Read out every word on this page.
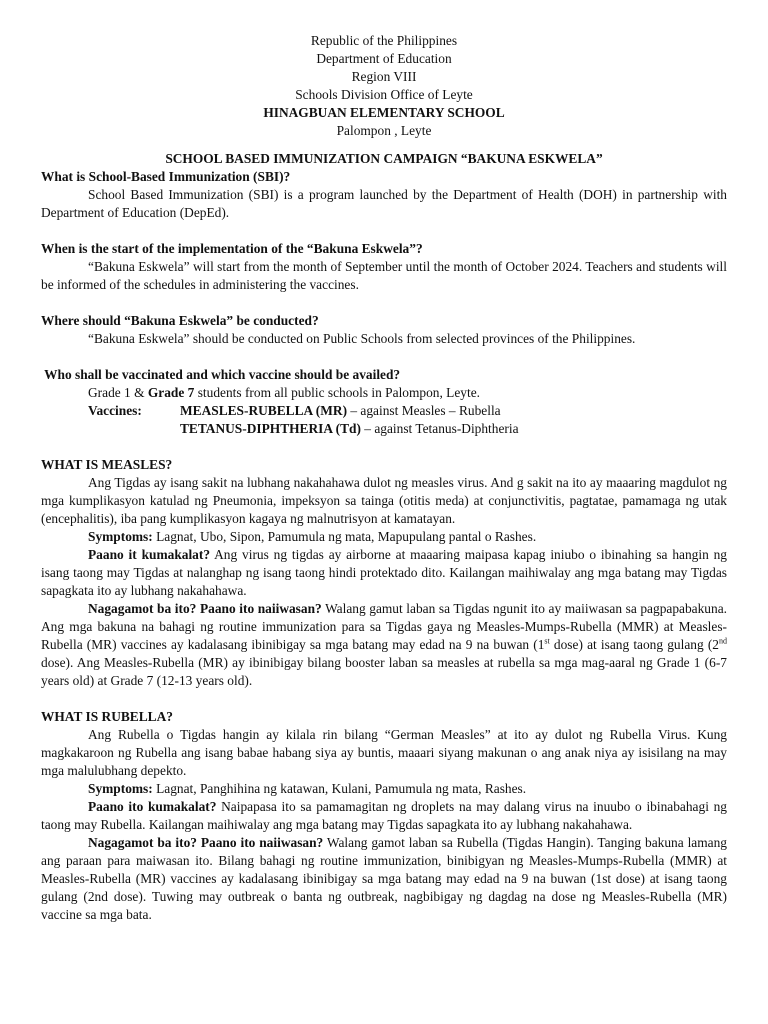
Republic of the Philippines
Department of Education
Region VIII
Schools Division Office of Leyte
HINAGBUAN ELEMENTARY SCHOOL
Palompon , Leyte
SCHOOL BASED IMMUNIZATION CAMPAIGN “BAKUNA ESKWELA”
What is School-Based Immunization (SBI)?
School Based Immunization (SBI) is a program launched by the Department of Health (DOH) in partnership with Department of Education (DepEd).
When is the start of the implementation of the “Bakuna Eskwela”?
“Bakuna Eskwela” will start from the month of September until the month of October 2024. Teachers and students will be informed of the schedules in administering the vaccines.
Where should “Bakuna Eskwela” be conducted?
“Bakuna Eskwela” should be conducted on Public Schools from selected provinces of the Philippines.
Who shall be vaccinated and which vaccine should be availed?
Grade 1 & Grade 7 students from all public schools in Palompon, Leyte.
Vaccines:	MEASLES-RUBELLA (MR) – against Measles – Rubella
TETANUS-DIPHTHERIA (Td) – against Tetanus-Diphtheria
WHAT IS MEASLES?
Ang Tigdas ay isang sakit na lubhang nakahahawa dulot ng measles virus. And g sakit na ito ay maaaring magdulot ng mga kumplikasyon katulad ng Pneumonia, impeksyon sa tainga (otitis meda) at conjunctivitis, pagtatae, pamamaga ng utak (encephalitis), iba pang kumplikasyon kagaya ng malnutrisyon at kamatayan.
Symptoms: Lagnat, Ubo, Sipon, Pamumula ng mata, Mapupulang pantal o Rashes.
Paano it kumakalat? Ang virus ng tigdas ay airborne at maaaring maipasa kapag iniubo o ibinahing sa hangin ng isang taong may Tigdas at nalanghap ng isang taong hindi protektado dito. Kailangan maihiwalay ang mga batang may Tigdas sapagkata ito ay lubhang nakahahawa.
Nagagamot ba ito? Paano ito naiiwasan? Walang gamut laban sa Tigdas ngunit ito ay maiiwasan sa pagpapabakuna. Ang mga bakuna na bahagi ng routine immunization para sa Tigdas gaya ng Measles-Mumps-Rubella (MMR) at Measles-Rubella (MR) vaccines ay kadalasang ibinibigay sa mga batang may edad na 9 na buwan (1st dose) at isang taong gulang (2nd dose). Ang Measles-Rubella (MR) ay ibinibigay bilang booster laban sa measles at rubella sa mga mag-aaral ng Grade 1 (6-7 years old) at Grade 7 (12-13 years old).
WHAT IS RUBELLA?
Ang Rubella o Tigdas hangin ay kilala rin bilang “German Measles” at ito ay dulot ng Rubella Virus. Kung magkakaroon ng Rubella ang isang babae habang siya ay buntis, maaari siyang makunan o ang anak niya ay isisilang na may mga malulubhang depekto.
Symptoms: Lagnat, Panghihina ng katawan, Kulani, Pamumula ng mata, Rashes.
Paano ito kumakalat? Naipapasa ito sa pamamagitan ng droplets na may dalang virus na inuubo o ibinabahagi ng taong may Rubella. Kailangan maihiwalay ang mga batang may Tigdas sapagkata ito ay lubhang nakahahawa.
Nagagamot ba ito? Paano ito naiiwasan? Walang gamot laban sa Rubella (Tigdas Hangin). Tanging bakuna lamang ang paraan para maiwasan ito. Bilang bahagi ng routine immunization, binibigyan ng Measles-Mumps-Rubella (MMR) at Measles-Rubella (MR) vaccines ay kadalasang ibinibigay sa mga batang may edad na 9 na buwan (1st dose) at isang taong gulang (2nd dose). Tuwing may outbreak o banta ng outbreak, nagbibigay ng dagdag na dose ng Measles-Rubella (MR) vaccine sa mga bata.
